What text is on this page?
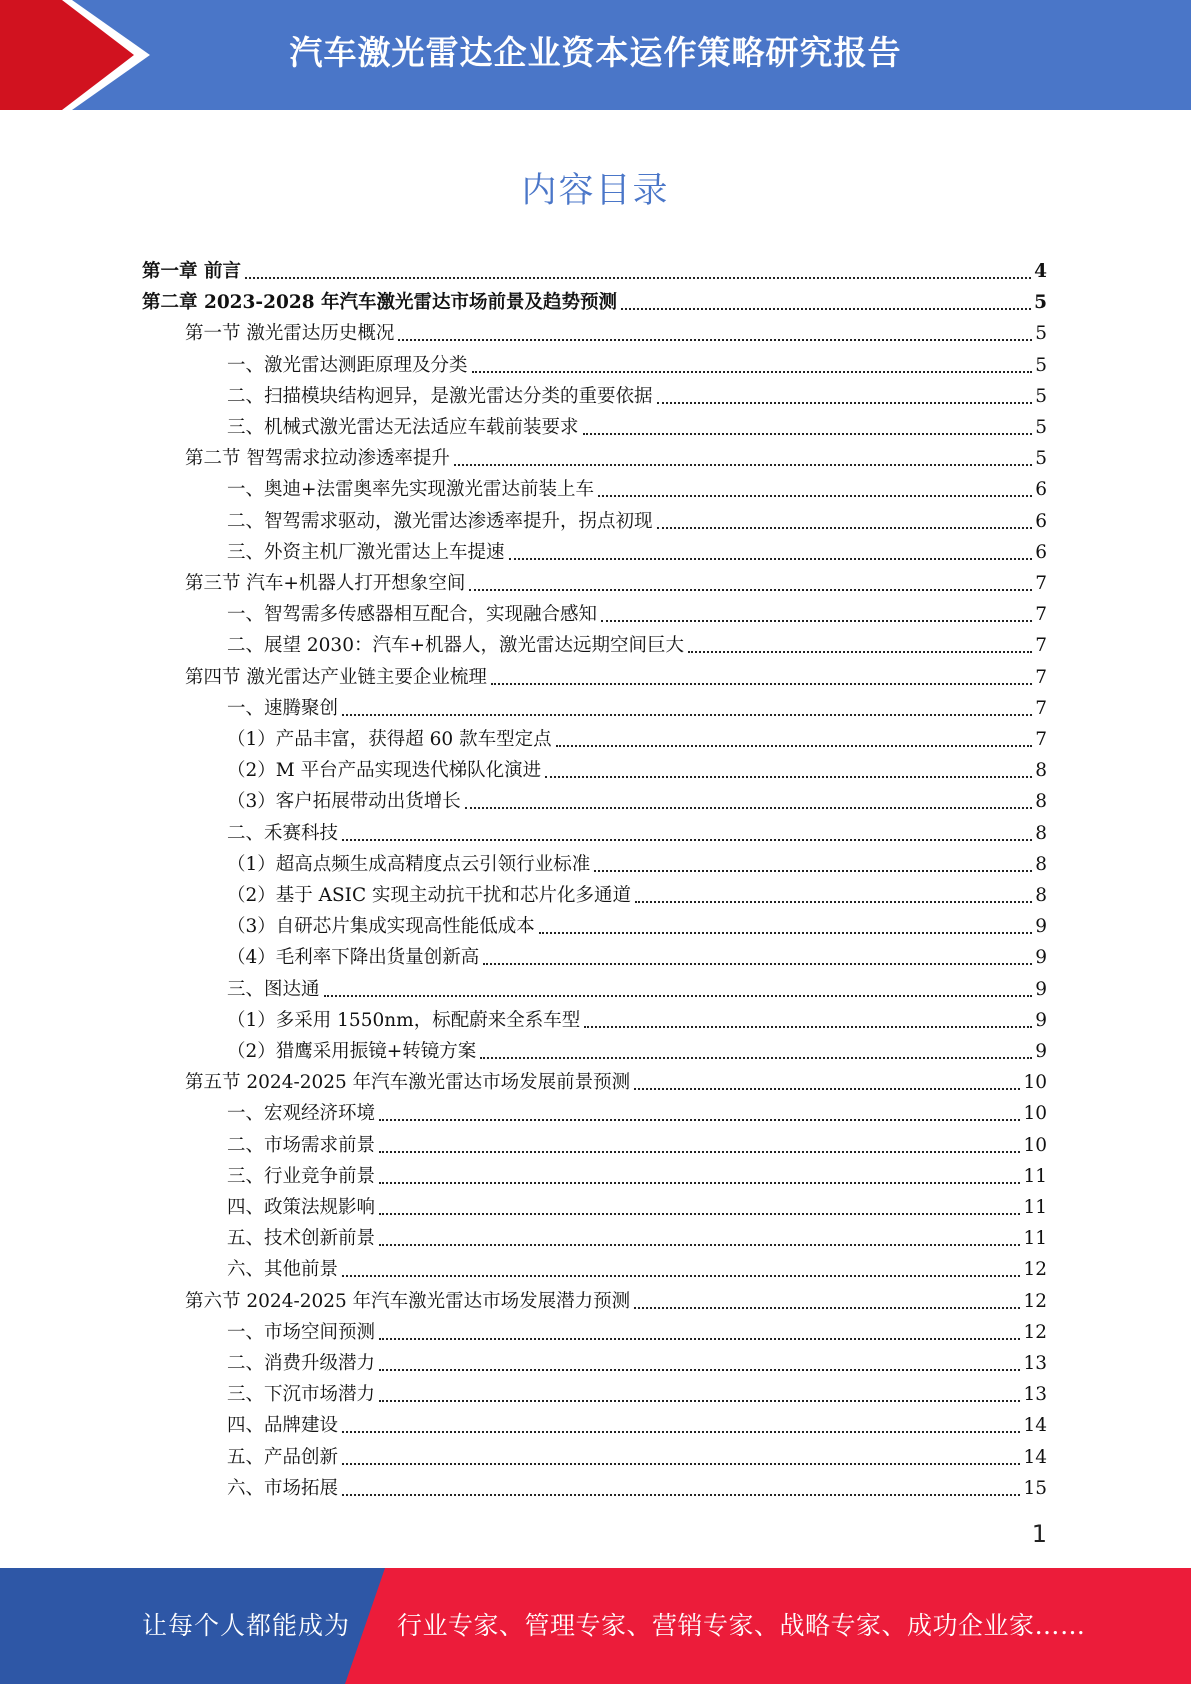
汽车激光雷达企业资本运作策略研究报告
内容目录
第一章 前言	4
第二章 2023-2028 年汽车激光雷达市场前景及趋势预测	5
第一节 激光雷达历史概况	5
一、激光雷达测距原理及分类	5
二、扫描模块结构迥异，是激光雷达分类的重要依据	5
三、机械式激光雷达无法适应车载前装要求	5
第二节 智驾需求拉动渗透率提升	5
一、奥迪+法雷奥率先实现激光雷达前装上车	6
二、智驾需求驱动，激光雷达渗透率提升，拐点初现	6
三、外资主机厂激光雷达上车提速	6
第三节 汽车+机器人打开想象空间	7
一、智驾需多传感器相互配合，实现融合感知	7
二、展望 2030：汽车+机器人，激光雷达远期空间巨大	7
第四节 激光雷达产业链主要企业梳理	7
一、速腾聚创	7
（1）产品丰富，获得超 60 款车型定点	7
（2）M 平台产品实现迭代梯队化演进	8
（3）客户拓展带动出货增长	8
二、禾赛科技	8
（1）超高点频生成高精度点云引领行业标准	8
（2）基于 ASIC 实现主动抗干扰和芯片化多通道	8
（3）自研芯片集成实现高性能低成本	9
（4）毛利率下降出货量创新高	9
三、图达通	9
（1）多采用 1550nm，标配蔚来全系车型	9
（2）猎鹰采用振镜+转镜方案	9
第五节 2024-2025 年汽车激光雷达市场发展前景预测	10
一、宏观经济环境	10
二、市场需求前景	10
三、行业竞争前景	11
四、政策法规影响	11
五、技术创新前景	11
六、其他前景	12
第六节 2024-2025 年汽车激光雷达市场发展潜力预测	12
一、市场空间预测	12
二、消费升级潜力	13
三、下沉市场潜力	13
四、品牌建设	14
五、产品创新	14
六、市场拓展	15
1
让每个人都能成为 行业专家、管理专家、营销专家、战略专家、成功企业家……
